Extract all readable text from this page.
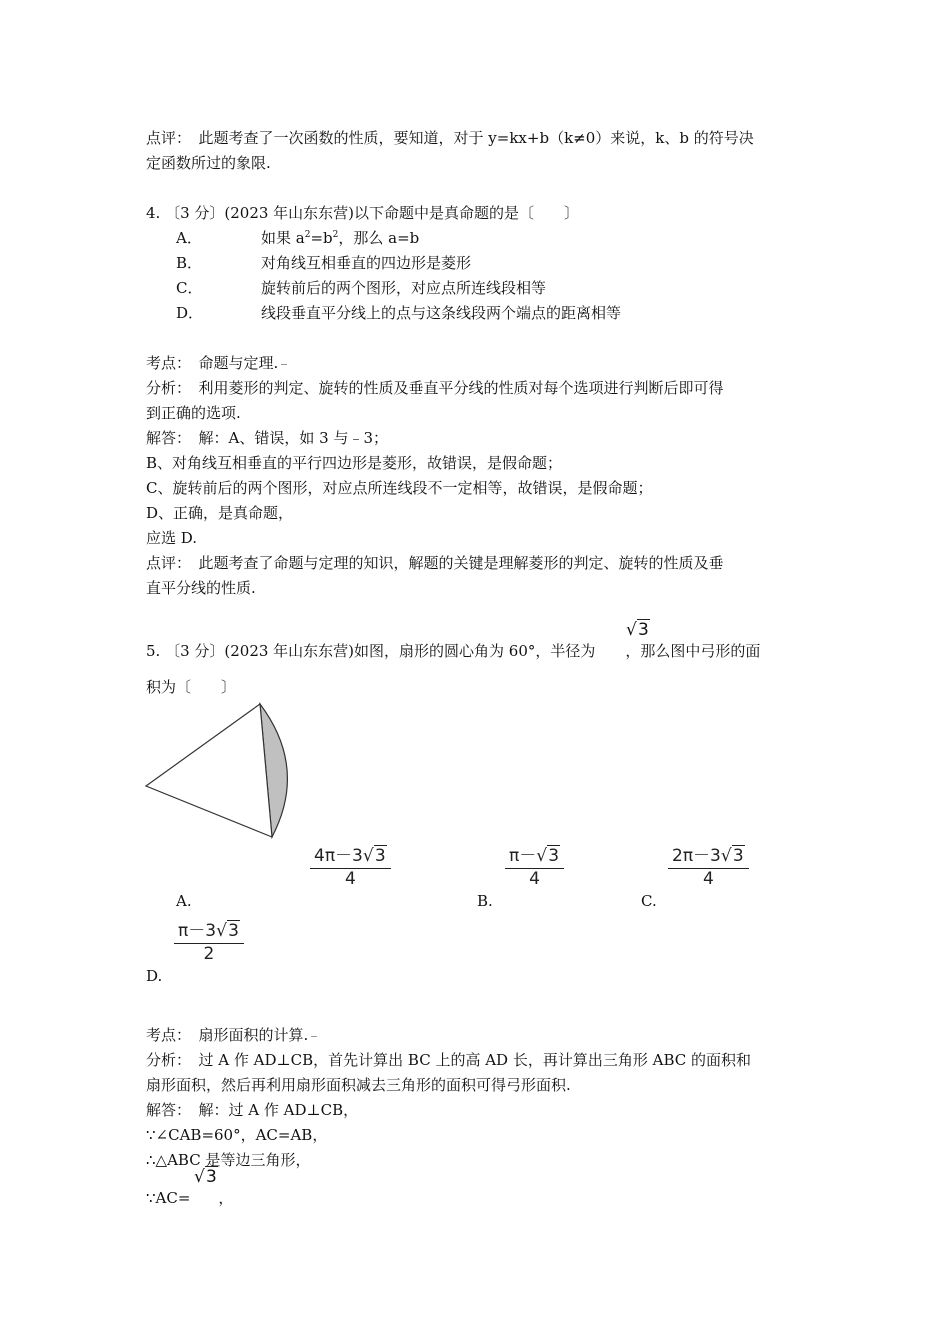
点评：　 此题考查了一次函数的性质，要知道，对于 y=kx+b（k≠0）来说，k、b 的符号决
定函数所过的象限.
4. 〔3 分〕(2023 年山东东营)以下命题中是真命题的是〔　　〕
A．	如果 $a^2=b^2$，那么 a=b
B．	对角线互相垂直的四边形是菱形
C．	旋转前后的两个图形，对应点所连线段相等
D．	线段垂直平分线上的点与这条线段两个端点的距离相等
考点：　 命题与定理.
分析：　 利用菱形的判定、旋转的性质及垂直平分线的性质对每个选项进行判断后即可得
到正确的选项.
解答：　 解：A、错误，如 3 与﹣3；
B、对角线互相垂直的平行四边形是菱形，故错误，是假命题；
C、旋转前后的两个图形，对应点所连线段不一定相等，故错误，是假命题；
D、正确，是真命题，
应选 D.
点评：　 此题考查了命题与定理的知识，解题的关键是理解菱形的判定、旋转的性质及垂
直平分线的性质.
5. 〔3 分〕(2023 年山东东营)如图，扇形的圆心角为 60°，半径为 ，那么图中弓形的面
√ 3
积为〔　　〕
$\frac{4\pi-3 √ 3}{4}$
A.
$\frac{\pi- √ 3}{4}$
B.
$\frac{2\pi-3 √ 3}{4}$
C.
$\frac{\pi-3 √ 3}{2}$
D.
考点：　 扇形面积的计算.
分析：　 过 A 作 AD⊥CB，首先计算出 BC 上的高 AD 长，再计算出三角形 ABC 的面积和
扇形面积，然后再利用扇形面积减去三角形的面积可得弓形面积.
解答：　 解：过 A 作 AD⊥CB，
∵∠CAB=60°，AC=AB，
∴△ABC 是等边三角形，
∵AC= ，
√ 3
